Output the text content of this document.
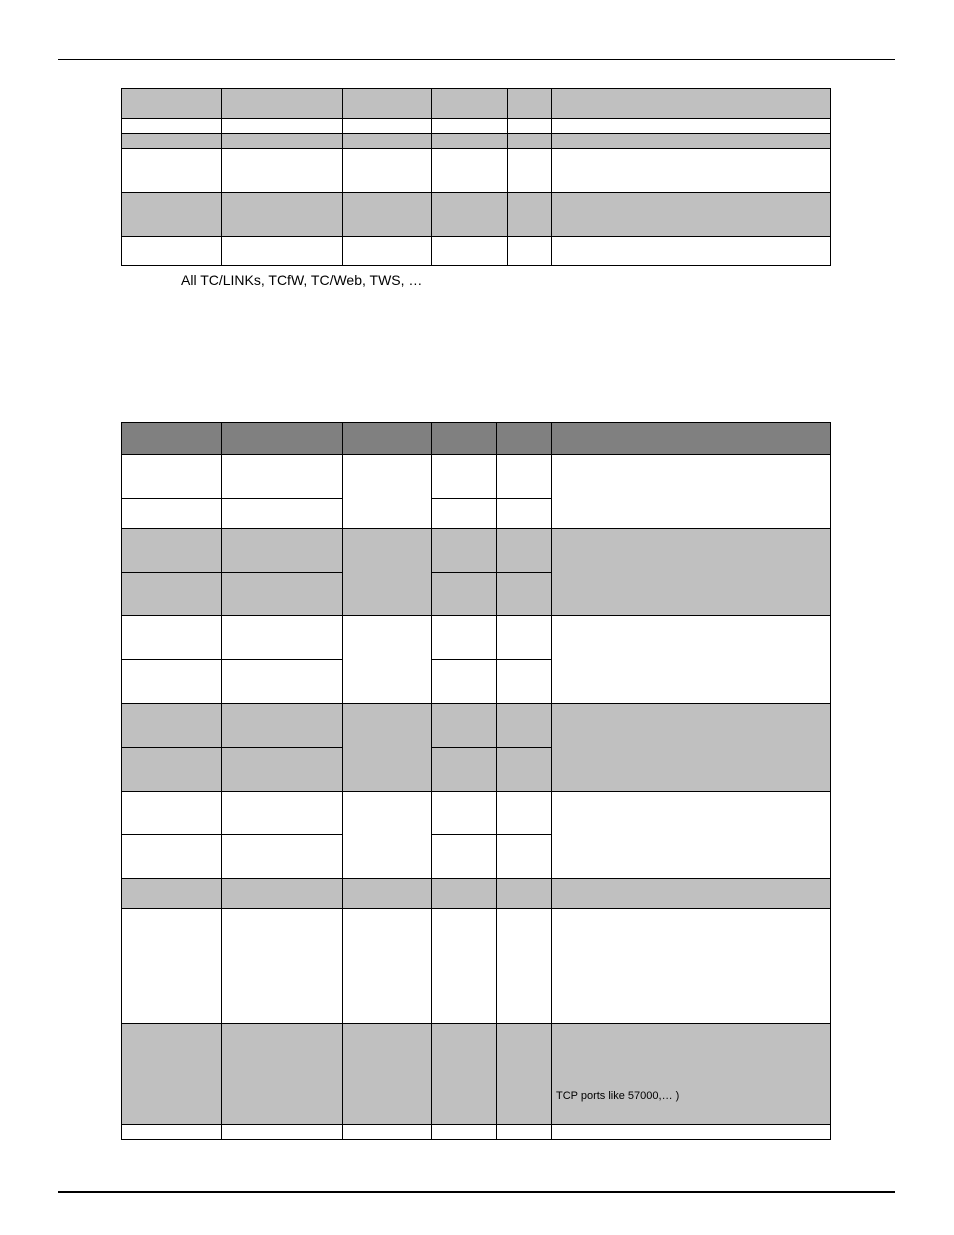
All TC/LINKs, TCfW, TC/Web, TWS, …

					TCP ports like 57000,… )
